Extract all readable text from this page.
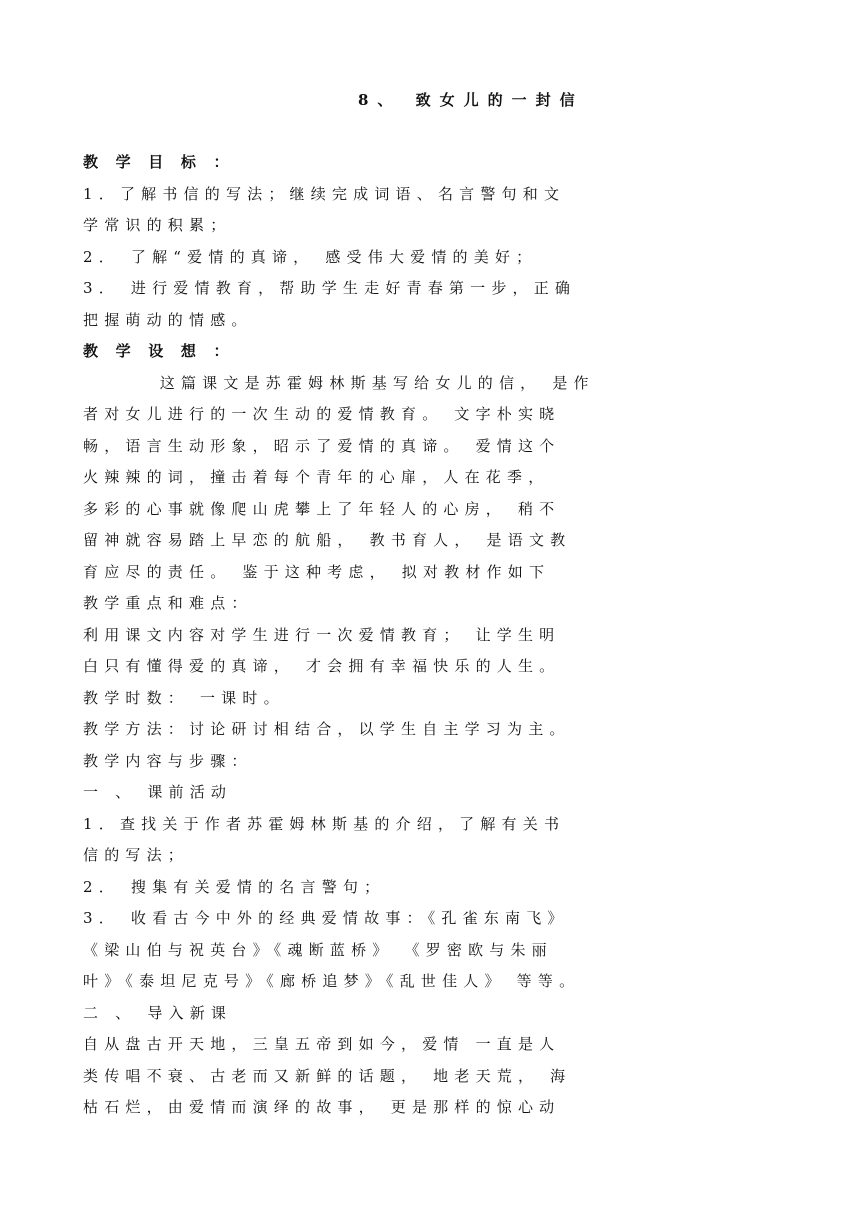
8、 致女儿的一封信
教 学 目 标 ：
1．了解书信的写法；继续完成词语、名言警句和文
学常识的积累；
2． 了解“爱情的真谛， 感受伟大爱情的美好；
3． 进行爱情教育，帮助学生走好青春第一步，正确
把握萌动的情感。
教 学 设 想 ：
这篇课文是苏霍姆林斯基写给女儿的信， 是作
者对女儿进行的一次生动的爱情教育。 文字朴实晓
畅，语言生动形象，昭示了爱情的真谛。 爱情这个
火辣辣的词，撞击着每个青年的心扉，人在花季，
多彩的心事就像爬山虎攀上了年轻人的心房， 稍不
留神就容易踏上早恋的航船， 教书育人， 是语文教
育应尽的责任。 鉴于这种考虑， 拟对教材作如下
教学重点和难点：
利用课文内容对学生进行一次爱情教育； 让学生明
白只有懂得爱的真谛， 才会拥有幸福快乐的人生。
教学时数： 一课时。
教学方法：讨论研讨相结合，以学生自主学习为主。
教学内容与步骤：
一 、 课前活动
1．查找关于作者苏霍姆林斯基的介绍，了解有关书
信的写法；
2． 搜集有关爱情的名言警句；
3． 收看古今中外的经典爱情故事：《孔雀东南飞》
《梁山伯与祝英台》《魂断蓝桥》 《罗密欧与朱丽
叶》《泰坦尼克号》《廊桥追梦》《乱世佳人》 等等。
二 、 导入新课
自从盘古开天地，三皇五帝到如今，爱情 一直是人
类传唱不衰、古老而又新鲜的话题， 地老天荒， 海
枯石烂，由爱情而演绎的故事， 更是那样的惊心动
